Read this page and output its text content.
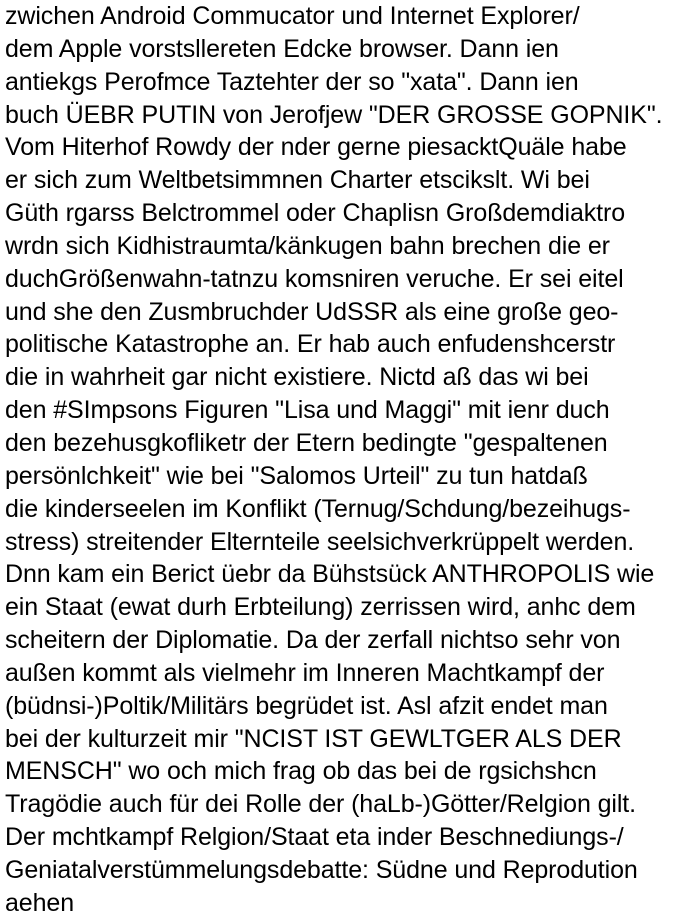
zwichen Android Commucator und Internet Explorer/
dem Apple vorstsllereten Edcke browser. Dann ien
antiekgs Perofmce Taztehter der so "xata". Dann ien
buch ÜEBR PUTIN von Jerofjew "DER GROSSE GOPNIK".
Vom Hiterhof Rowdy der nder gerne piesacktQuäle habe
er sich zum Weltbetsimmnen Charter etscikslt. Wi bei
Güth rgarss Belctrommel oder Chaplisn Großdemdiaktro
wrdn sich Kidhistraumta/känkugen bahn brechen die er
duchGrößenwahn-tatnzu komsniren veruche. Er sei eitel
und she den Zusmbruchder UdSSR als eine große geo-
politische Katastrophe an. Er hab auch enfudenshcerstr
die in wahrheit gar nicht existiere. Nictd aß das wi bei
den #SImpsons Figuren "Lisa und Maggi" mit ienr duch
den bezehusgkofliketr der Etern bedingte "gespaltenen
persönlchkeit" wie bei "Salomos Urteil" zu tun hatdaß
die kinderseelen im Konflikt (Ternug/Schdung/bezeihugs-
stress) streitender Elternteile seelsichverkrüppelt werden.
Dnn kam ein Berict üebr da Bühstsück ANTHROPOLIS wie
ein Staat (ewat durh Erbteilung) zerrissen wird, anhc dem
scheitern der Diplomatie. Da der zerfall nichtso sehr von
außen kommt als vielmehr im Inneren Machtkampf der
(büdnsi-)Poltik/Militärs begrüdet ist. Asl afzit endet man
bei der kulturzeit mir "NCIST IST GEWLTGER ALS DER
MENSCH" wo och mich frag ob das bei de rgsichshcn
Tragödie auch für dei Rolle der (haLb-)Götter/Relgion gilt.
Der mchtkampf Relgion/Staat eta inder Beschnediungs-/
Geniatalverstümmelungsdebatte: Südne und Reprodution
aehen
